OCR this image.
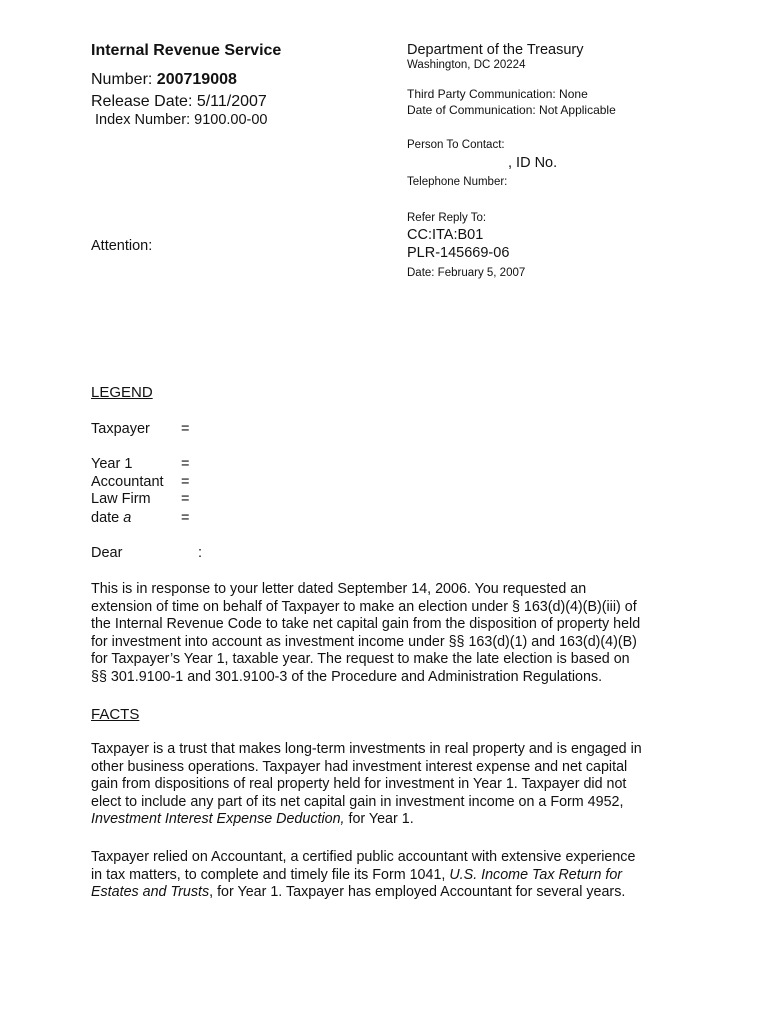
Internal Revenue Service
Number: 200719008
Release Date: 5/11/2007
Index Number: 9100.00-00
Department of the Treasury
Washington, DC 20224
Third Party Communication: None
Date of Communication: Not Applicable
Person To Contact:
, ID No.
Telephone Number:
Refer Reply To:
CC:ITA:B01
PLR-145669-06
Date: February 5, 2007
Attention:
LEGEND
Taxpayer =
Year 1	=
Accountant =
Law Firm =
date a	=
Dear	:
This is in response to your letter dated September 14, 2006. You requested an
extension of time on behalf of Taxpayer to make an election under § 163(d)(4)(B)(iii) of
the Internal Revenue Code to take net capital gain from the disposition of property held
for investment into account as investment income under §§ 163(d)(1) and 163(d)(4)(B)
for Taxpayer’s Year 1, taxable year. The request to make the late election is based on
§§ 301.9100-1 and 301.9100-3 of the Procedure and Administration Regulations.
FACTS
Taxpayer is a trust that makes long-term investments in real property and is engaged in
other business operations. Taxpayer had investment interest expense and net capital
gain from dispositions of real property held for investment in Year 1. Taxpayer did not
elect to include any part of its net capital gain in investment income on a Form 4952,
Investment Interest Expense Deduction, for Year 1.
Taxpayer relied on Accountant, a certified public accountant with extensive experience
in tax matters, to complete and timely file its Form 1041, U.S. Income Tax Return for
Estates and Trusts, for Year 1. Taxpayer has employed Accountant for several years.
